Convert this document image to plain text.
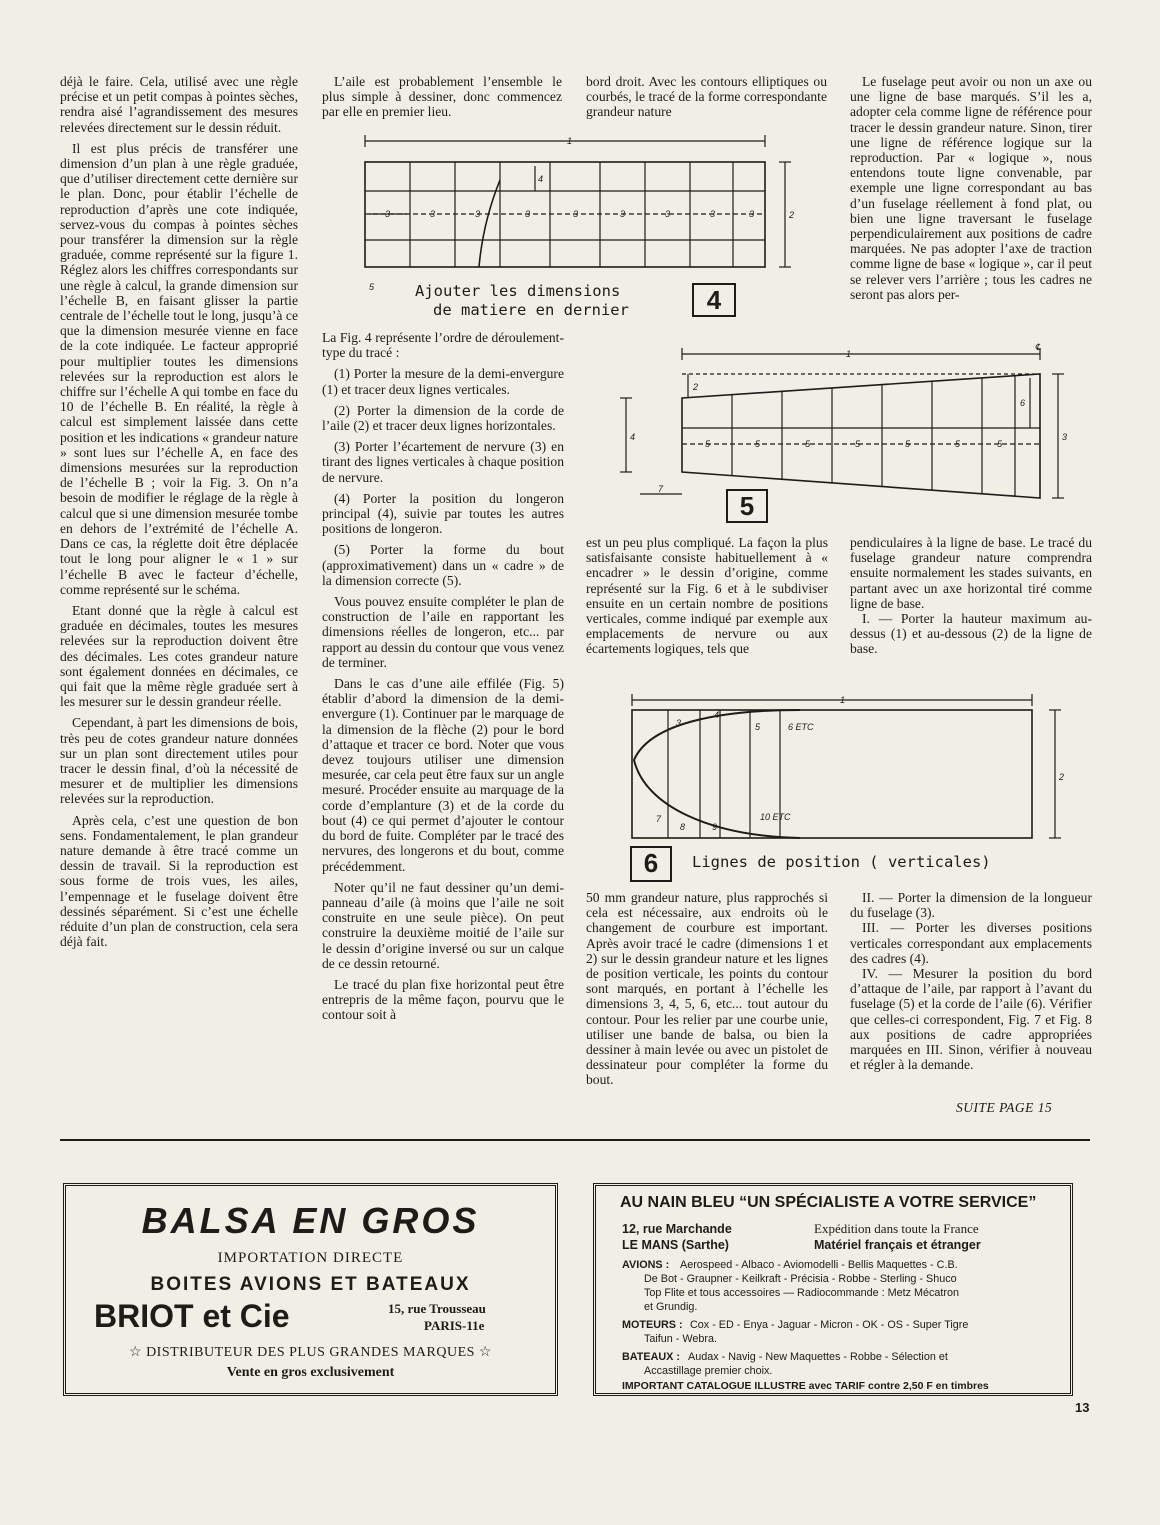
déjà le faire. Cela, utilisé avec une règle précise et un petit compas à pointes sèches, rendra aisé l’agrandissement des mesures relevées directement sur le dessin réduit.

Il est plus précis de transférer une dimension d’un plan à une règle graduée, que d’utiliser directement cette dernière sur le plan. Donc, pour établir l’échelle de reproduction d’après une cote indiquée, servez-vous du compas à pointes sèches pour transférer la dimension sur la règle graduée, comme représenté sur la figure 1. Réglez alors les chiffres correspondants sur une règle à calcul, la grande dimension sur l’échelle B, en faisant glisser la partie centrale de l’échelle tout le long, jusqu’à ce que la dimension mesurée vienne en face de la cote indiquée. Le facteur approprié pour multiplier toutes les dimensions relevées sur la reproduction est alors le chiffre sur l’échelle A qui tombe en face du 10 de l’échelle B. En réalité, la règle à calcul est simplement laissée dans cette position et les indications « grandeur nature » sont lues sur l’échelle A, en face des dimensions mesurées sur la reproduction de l’échelle B ; voir la Fig. 3. On n’a besoin de modifier le réglage de la règle à calcul que si une dimension mesurée tombe en dehors de l’extrémité de l’échelle A. Dans ce cas, la réglette doit être déplacée tout le long pour aligner le « 1 » sur l’échelle B avec le facteur d’échelle, comme représenté sur le schéma.

Etant donné que la règle à calcul est graduée en décimales, toutes les mesures relevées sur la reproduction doivent être des décimales. Les cotes grandeur nature sont également données en décimales, ce qui fait que la même règle graduée sert à les mesurer sur le dessin grandeur réelle.

Cependant, à part les dimensions de bois, très peu de cotes grandeur nature données sur un plan sont directement utiles pour tracer le dessin final, d’où la nécessité de mesurer et de multiplier les dimensions relevées sur la reproduction.

Après cela, c’est une question de bon sens. Fondamentalement, le plan grandeur nature demande à être tracé comme un dessin de travail. Si la reproduction est sous forme de trois vues, les ailes, l’empennage et le fuselage doivent être dessinés séparément. Si c’est une échelle réduite d’un plan de construction, cela sera déjà fait.

L’aile est probablement l’ensemble le plus simple à dessiner, donc commencez par elle en premier lieu.

bord droit. Avec les contours elliptiques ou courbés, le tracé de la forme correspondante grandeur nature

Le fuselage peut avoir ou non un axe ou une ligne de base marqués. S’il les a, adopter cela comme ligne de référence pour tracer le dessin grandeur nature. Sinon, tirer une ligne de référence logique sur la reproduction. Par « logique », nous entendons toute ligne convenable, par exemple une ligne correspondant au bas d’un fuselage réellement à fond plat, ou bien une ligne traversant le fuselage perpendiculairement aux positions de cadre marquées. Ne pas adopter l’axe de traction comme ligne de base « logique », car il peut se relever vers l’arrière ; tous les cadres ne seront pas alors per-

1
2
4
3	3	3	3	3	3	3	3	3
5	Ajouter les dimensions
de matiere en dernier	4

La Fig. 4 représente l’ordre de déroulement-type du tracé :

(1) Porter la mesure de la demi-envergure (1) et tracer deux lignes verticales.

(2) Porter la dimension de la corde de l’aile (2) et tracer deux lignes horizontales.

(3) Porter l’écartement de nervure (3) en tirant des lignes verticales à chaque position de nervure.

(4) Porter la position du longeron principal (4), suivie par toutes les autres positions de longeron.

(5) Porter la forme du bout (approximativement) dans un « cadre » de la dimension correcte (5).

Vous pouvez ensuite compléter le plan de construction de l’aile en rapportant les dimensions réelles de longeron, etc... par rapport au dessin du contour que vous venez de terminer.

Dans le cas d’une aile effilée (Fig. 5) établir d’abord la dimension de la demi-envergure (1). Continuer par le marquage de la dimension de la flèche (2) pour le bord d’attaque et tracer ce bord. Noter que vous devez toujours utiliser une dimension mesurée, car cela peut être faux sur un angle mesuré. Procéder ensuite au marquage de la corde d’emplanture (3) et de la corde du bout (4) ce qui permet d’ajouter le contour du bord de fuite. Compléter par le tracé des nervures, des longerons et du bout, comme précédemment.

Noter qu’il ne faut dessiner qu’un demi-panneau d’aile (à moins que l’aile ne soit construite en une seule pièce). On peut construire la deuxième moitié de l’aile sur le dessin d’origine inversé ou sur un calque de ce dessin retourné.

Le tracé du plan fixe horizontal peut être entrepris de la même façon, pourvu que le contour soit à

1
℄
2
4	3
6
7
5	5	5	5	5	5	5
5

est un peu plus compliqué. La façon la plus satisfaisante consiste habituellement à « encadrer » le dessin d’origine, comme représenté sur la Fig. 6 et à le subdiviser ensuite en un certain nombre de positions verticales, comme indiqué par exemple aux emplacements de nervure ou aux écartements logiques, tels que

pendiculaires à la ligne de base. Le tracé du fuselage grandeur nature comprendra ensuite normalement les stades suivants, en partant avec un axe horizontal tiré comme ligne de base.

I. — Porter la hauteur maximum au-dessus (1) et au-dessous (2) de la ligne de base.

1
2
3
4
5	6 ETC
7
8	9
10 ETC
6	Lignes de position ( verticales)

50 mm grandeur nature, plus rapprochés si cela est nécessaire, aux endroits où le changement de courbure est important. Après avoir tracé le cadre (dimensions 1 et 2) sur le dessin grandeur nature et les lignes de position verticale, les points du contour sont marqués, en portant à l’échelle les dimensions 3, 4, 5, 6, etc... tout autour du contour. Pour les relier par une courbe unie, utiliser une bande de balsa, ou bien la dessiner à main levée ou avec un pistolet de dessinateur pour compléter la forme du bout.

II. — Porter la dimension de la longueur du fuselage (3).

III. — Porter les diverses positions verticales correspondant aux emplacements des cadres (4).

IV. — Mesurer la position du bord d’attaque de l’aile, par rapport à l’avant du fuselage (5) et la corde de l’aile (6). Vérifier que celles-ci correspondent, Fig. 7 et Fig. 8 aux positions de cadre appropriées marquées en III. Sinon, vérifier à nouveau et régler à la demande.

SUITE PAGE 15
BALSA EN GROS
IMPORTATION DIRECTE
BOITES AVIONS ET BATEAUX
BRIOT et Cie	15, rue Trousseau
PARIS-11e
☆ DISTRIBUTEUR DES PLUS GRANDES MARQUES ☆
Vente en gros exclusivement
AU NAIN BLEU “UN SPÉCIALISTE A VOTRE SERVICE”
12, rue Marchande
LE MANS (Sarthe)
Expédition dans toute la France
Matériel français et étranger
AVIONS : Aerospeed - Albaco - Aviomodelli - Bellis Maquettes - C.B.
De Bot - Graupner - Keilkraft - Précisia - Robbe - Sterling - Shuco
Top Flite et tous accessoires — Radiocommande : Metz Mécatron
et Grundig.
MOTEURS : Cox - ED - Enya - Jaguar - Micron - OK - OS - Super Tigre
Taifun - Webra.
BATEAUX : Audax - Navig - New Maquettes - Robbe - Sélection et
Accastillage premier choix.
IMPORTANT CATALOGUE ILLUSTRE avec TARIF contre 2,50 F en timbres
13
